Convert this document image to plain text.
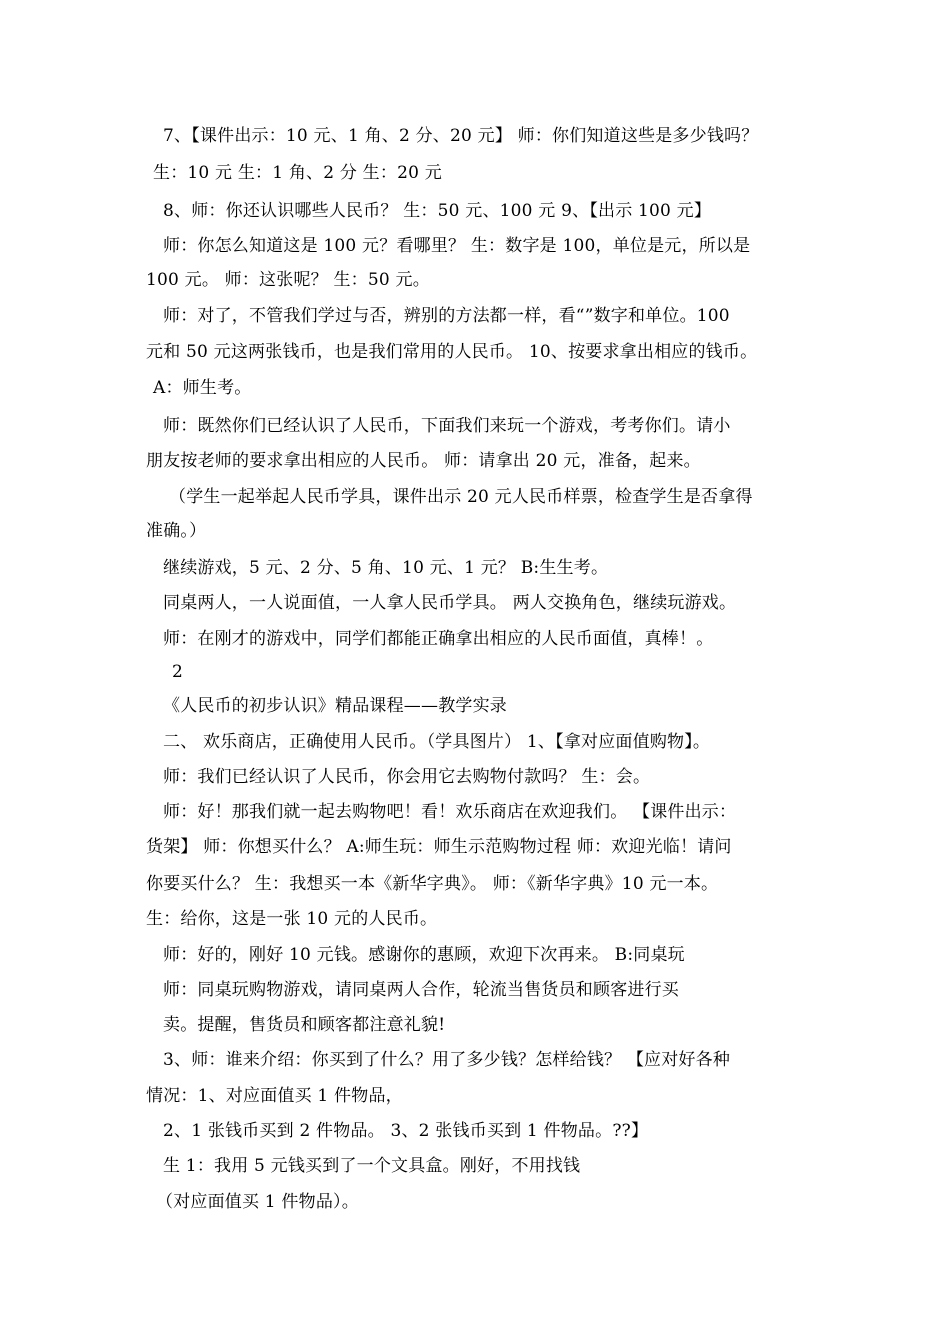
7、【课件出示：10 元、1 角、2 分、20 元】 师：你们知道这些是多少钱吗？
生：10 元 生：1 角、2 分 生：20 元
8、师：你还认识哪些人民币？ 生：50 元、100 元 9、【出示 100 元】
师：你怎么知道这是 100 元？看哪里？ 生：数字是 100，单位是元，所以是
100 元。 师：这张呢？ 生：50 元。
师：对了，不管我们学过与否，辨别的方法都一样，看“”数字和单位。100
元和 50 元这两张钱币，也是我们常用的人民币。 10、按要求拿出相应的钱币。
A：师生考。
师：既然你们已经认识了人民币，下面我们来玩一个游戏，考考你们。请小
朋友按老师的要求拿出相应的人民币。 师：请拿出 20 元，准备，起来。
（学生一起举起人民币学具，课件出示 20 元人民币样票，检查学生是否拿得
准确。）
继续游戏，5 元、2 分、5 角、10 元、1 元？ B:生生考。
同桌两人，一人说面值，一人拿人民币学具。 两人交换角色，继续玩游戏。
师：在刚才的游戏中，同学们都能正确拿出相应的人民币面值，真棒！。
2
《人民币的初步认识》精品课程——教学实录
二、 欢乐商店，正确使用人民币。（学具图片） 1、【拿对应面值购物】。
师：我们已经认识了人民币，你会用它去购物付款吗？ 生：会。
师：好！那我们就一起去购物吧！看！欢乐商店在欢迎我们。 【课件出示：
货架】 师：你想买什么？ A:师生玩：师生示范购物过程 师：欢迎光临！请问
你要买什么？ 生：我想买一本《新华字典》。 师：《新华字典》10 元一本。
生：给你，这是一张 10 元的人民币。
师：好的，刚好 10 元钱。感谢你的惠顾，欢迎下次再来。 B:同桌玩
师：同桌玩购物游戏，请同桌两人合作，轮流当售货员和顾客进行买
卖。提醒，售货员和顾客都注意礼貌!
3、师：谁来介绍：你买到了什么？用了多少钱？怎样给钱？ 【应对好各种
情况：1、对应面值买 1 件物品，
2、1 张钱币买到 2 件物品。 3、2 张钱币买到 1 件物品。??】
生 1：我用 5 元钱买到了一个文具盒。刚好，不用找钱
（对应面值买 1 件物品）。
